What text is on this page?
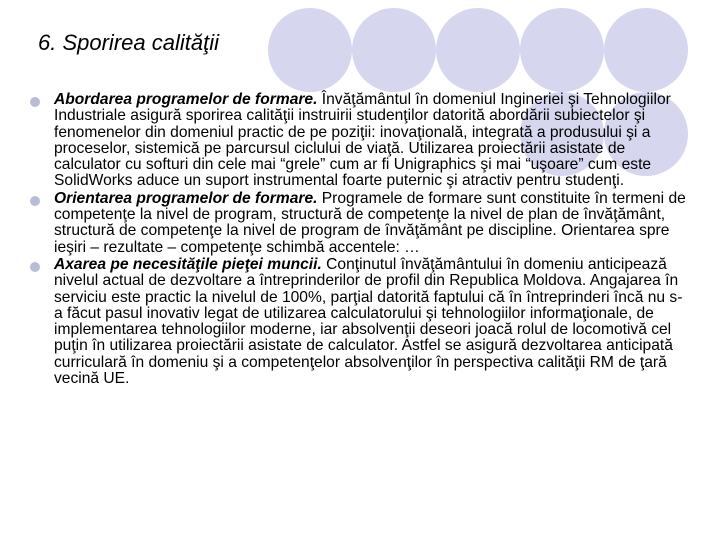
6. Sporirea calităţii
Abordarea programelor de formare. Învăţământul în domeniul Ingineriei şi Tehnologiilor Industriale asigură sporirea calităţii instruirii studenţilor datorită abordării subiectelor şi fenomenelor din domeniul practic de pe poziţii: inovaţională, integrată a produsului şi a proceselor, sistemică pe parcursul ciclului de viaţă. Utilizarea proiectării asistate de calculator cu softuri din cele mai “grele” cum ar fi Unigraphics şi mai “uşoare” cum este SolidWorks aduce un suport instrumental foarte puternic şi atractiv pentru studenţi.
Orientarea programelor de formare. Programele de formare sunt constituite în termeni de competenţe la nivel de program, structură de competenţe la nivel de plan de învăţământ, structură de competenţe la nivel de program de învăţământ pe discipline. Orientarea spre ieşiri – rezultate – competenţe schimbă accentele: …
Axarea pe necesităţile pieţei muncii. Conţinutul învăţământului în domeniu anticipează nivelul actual de dezvoltare a întreprinderilor de profil din Republica Moldova. Angajarea în serviciu este practic la nivelul de 100%, parţial datorită faptului că în întreprinderi încă nu s-a făcut pasul inovativ legat de utilizarea calculatorului şi tehnologiilor informaţionale, de implementarea tehnologiilor moderne, iar absolvenţii deseori joacă rolul de locomotivă cel puţin în utilizarea proiectării asistate de calculator. Astfel se asigură dezvoltarea anticipată curriculară în domeniu şi a competenţelor absolvenţilor în perspectiva calităţii RM de ţară vecină UE.
